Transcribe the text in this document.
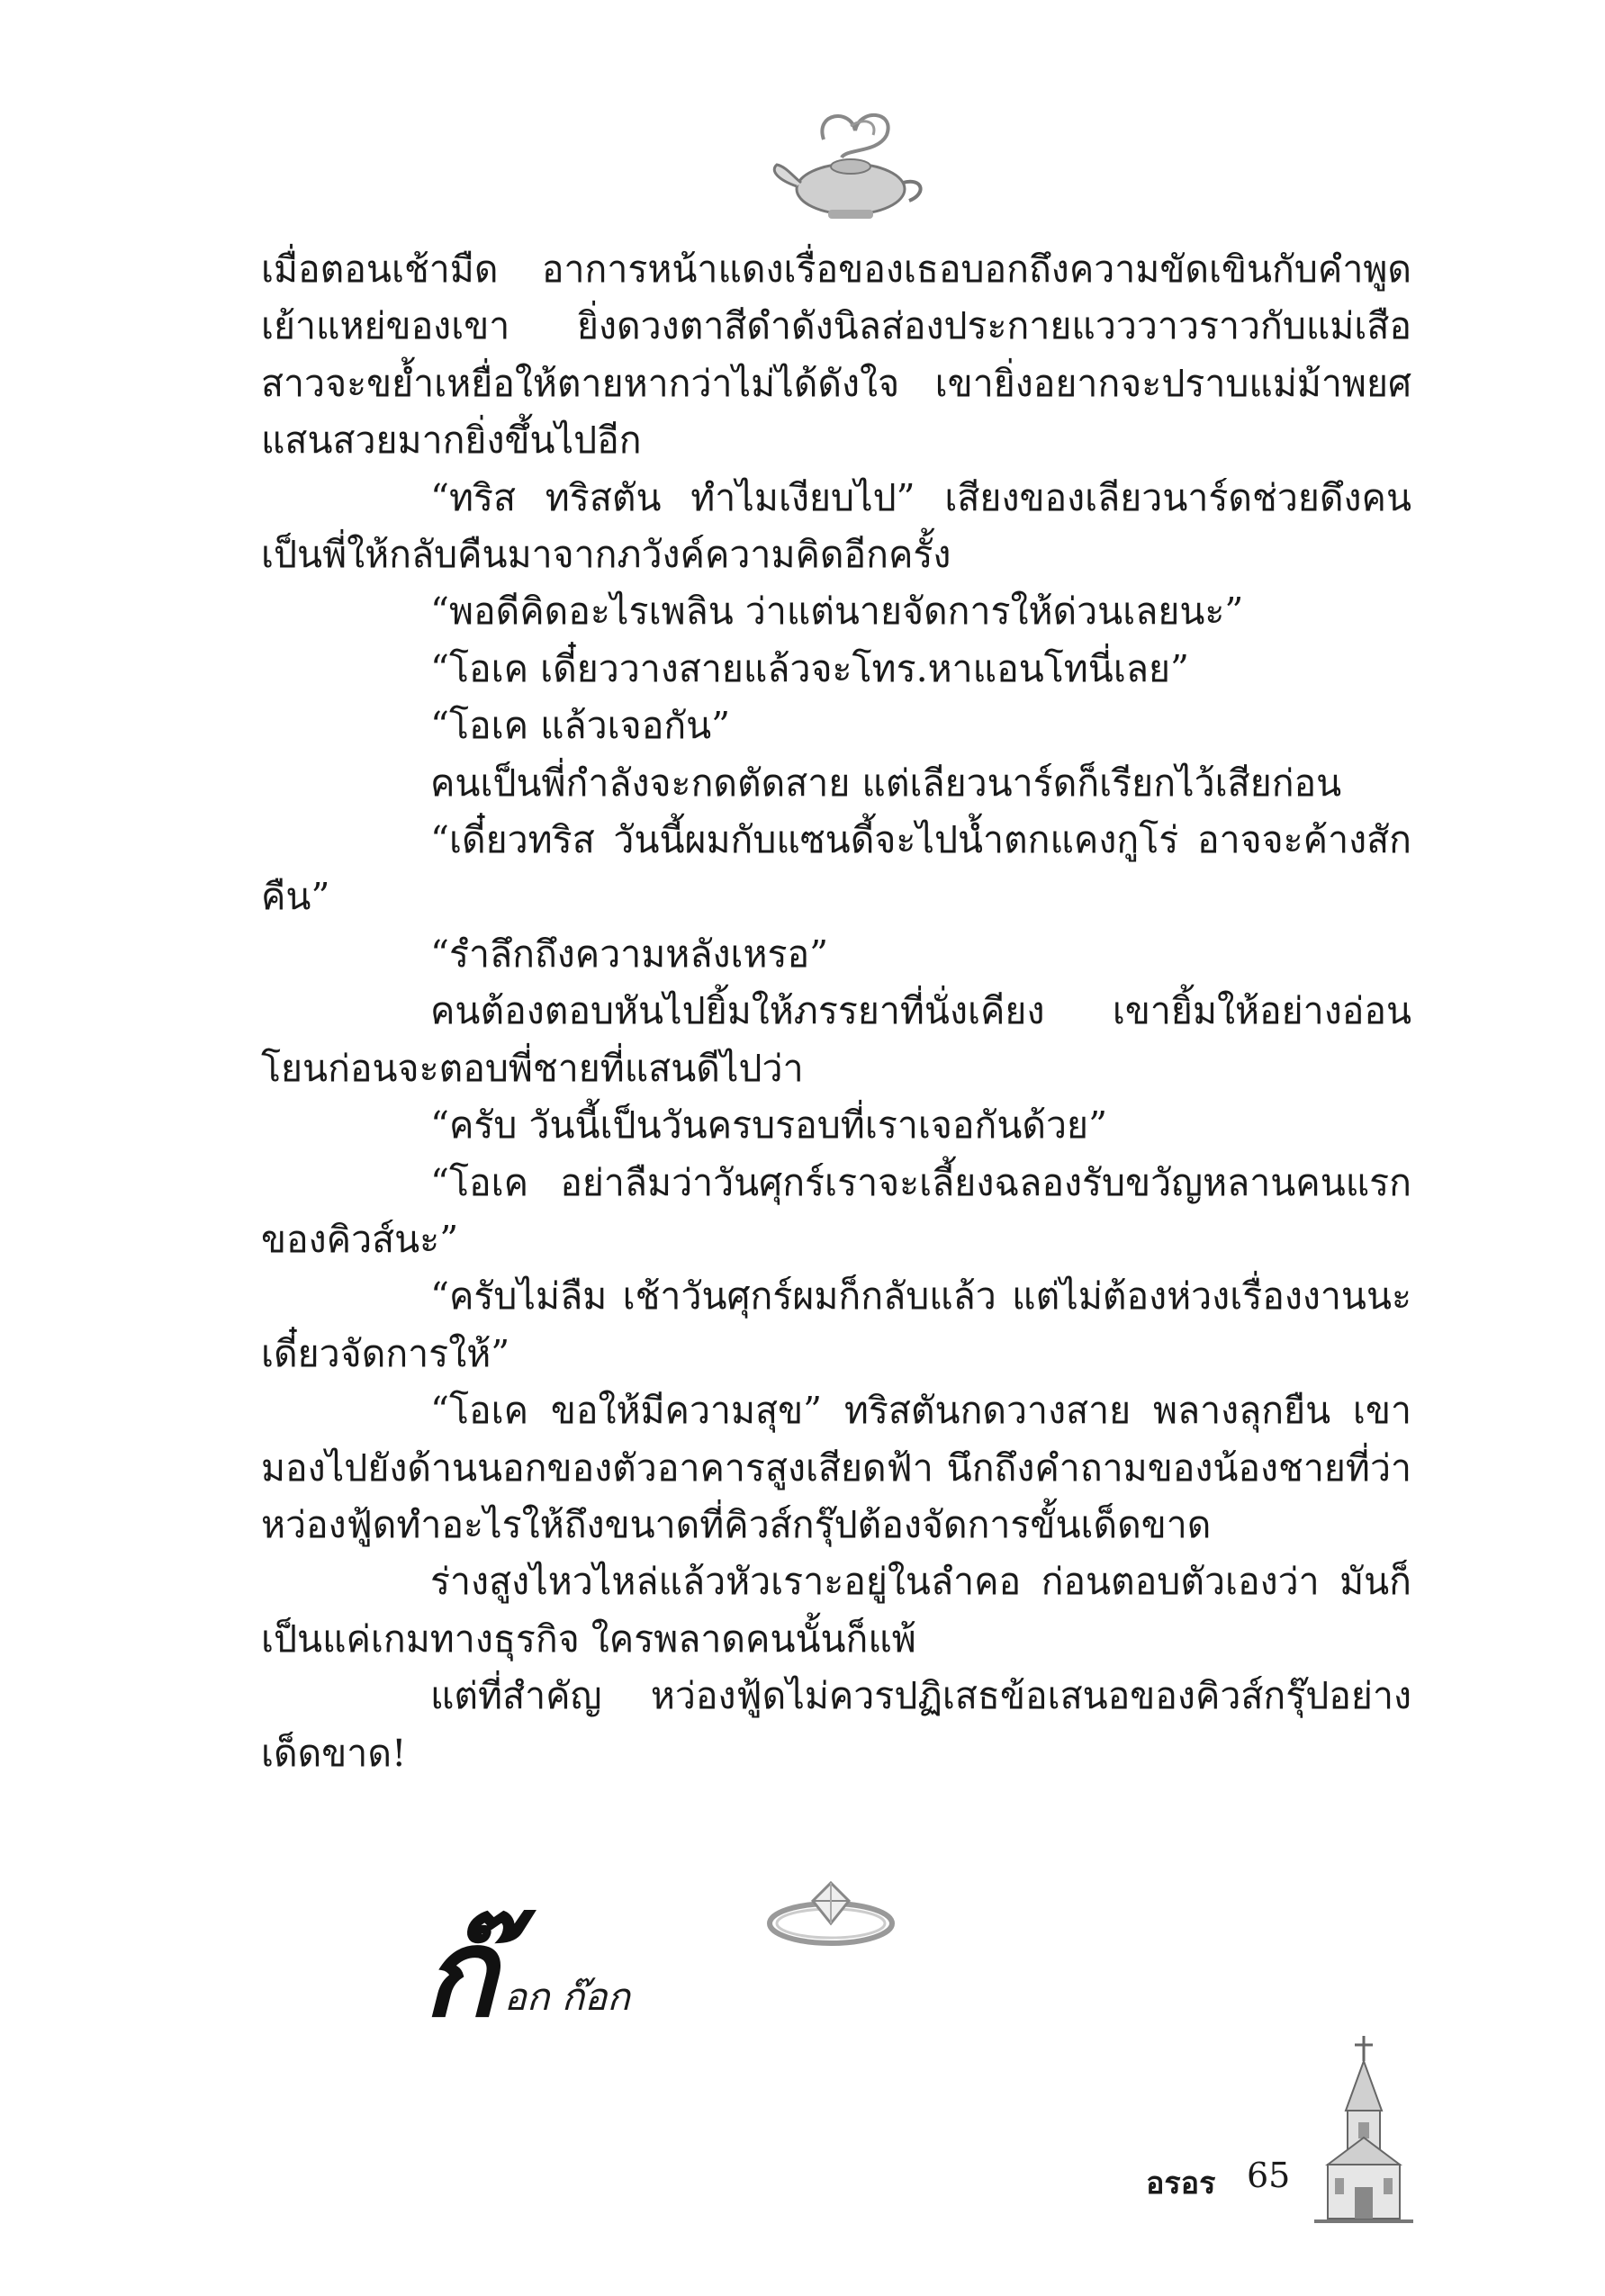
เมื่อตอนเช้ามืด อาการหน้าแดงเรื่อของเธอบอกถึงความขัดเขินกับคำพูดเย้าแหย่ของเขา ยิ่งดวงตาสีดำดังนิลส่องประกายแวววาวราวกับแม่เสือสาวจะขย้ำเหยื่อให้ตายหากว่าไม่ได้ดังใจ เขายิ่งอยากจะปราบแม่ม้าพยศแสนสวยมากยิ่งขึ้นไปอีก

“ทริส ทริสตัน ทำไมเงียบไป” เสียงของเลียวนาร์ดช่วยดึงคนเป็นพี่ให้กลับคืนมาจากภวังค์ความคิดอีกครั้ง

“พอดีคิดอะไรเพลิน ว่าแต่นายจัดการให้ด่วนเลยนะ”

“โอเค เดี๋ยววางสายแล้วจะโทร.หาแอนโทนี่เลย”

“โอเค แล้วเจอกัน”

คนเป็นพี่กำลังจะกดตัดสาย แต่เลียวนาร์ดก็เรียกไว้เสียก่อน

“เดี๋ยวทริส วันนี้ผมกับแซนดี้จะไปน้ำตกแคงกูโร่ อาจจะค้างสักคืน”

“รำลึกถึงความหลังเหรอ”

คนต้องตอบหันไปยิ้มให้ภรรยาที่นั่งเคียง เขายิ้มให้อย่างอ่อนโยนก่อนจะตอบพี่ชายที่แสนดีไปว่า

“ครับ วันนี้เป็นวันครบรอบที่เราเจอกันด้วย”

“โอเค อย่าลืมว่าวันศุกร์เราจะเลี้ยงฉลองรับขวัญหลานคนแรกของคิวส์นะ”

“ครับไม่ลืม เช้าวันศุกร์ผมก็กลับแล้ว แต่ไม่ต้องห่วงเรื่องงานนะเดี๋ยวจัดการให้”

“โอเค ขอให้มีความสุข” ทริสตันกดวางสาย พลางลุกยืน เขามองไปยังด้านนอกของตัวอาคารสูงเสียดฟ้า นึกถึงคำถามของน้องชายที่ว่าหว่องฟู้ดทำอะไรให้ถึงขนาดที่คิวส์กรุ๊ปต้องจัดการขั้นเด็ดขาด

ร่างสูงไหวไหล่แล้วหัวเราะอยู่ในลำคอ ก่อนตอบตัวเองว่า มันก็เป็นแค่เกมทางธุรกิจ ใครพลาดคนนั้นก็แพ้

แต่ที่สำคัญ หว่องฟู้ดไม่ควรปฏิเสธข้อเสนอของคิวส์กรุ๊ปอย่างเด็ดขาด!

ก๊อก ก๊อก
อรอร 65
